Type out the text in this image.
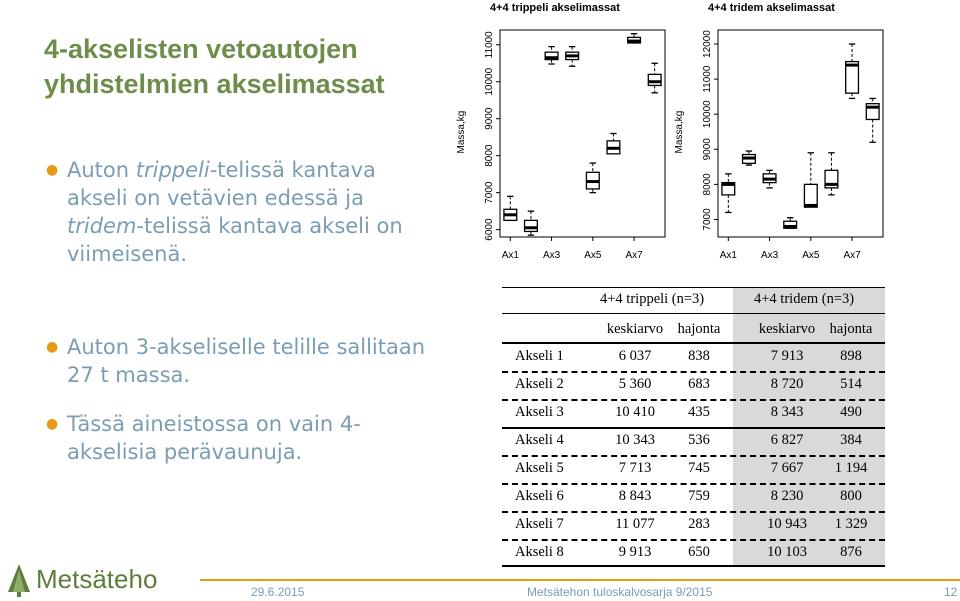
4-akselisten vetoautojen
yhdistelmien akselimassat
● Auton trippeli-telissä kantava akseli on vetävien edessä ja tridem-telissä kantava akseli on viimeisenä.
● Auton 3-akseliselle telille sallitaan 27 t massa.
● Tässä aineistossa on vain 4-akselisia perävaunuja.
4+4 trippeli akselimassat
Massa,kg
6000
7000
8000
9000
10000
11000
Ax1 Ax3 Ax5 Ax7
4+4 tridem akselimassat
Massa,kg
7000
8000
9000
10000
11000
12000
Ax1 Ax3 Ax5 Ax7
4+4 trippeli (n=3)	4+4 tridem (n=3)
keskiarvo hajonta	keskiarvo hajonta
Akseli 1	6 037	838	7 913	898
Akseli 2	5 360	683	8 720	514
Akseli 3	10 410	435	8 343	490
Akseli 4	10 343	536	6 827	384
Akseli 5	7 713	745	7 667	1 194
Akseli 6	8 843	759	8 230	800
Akseli 7	11 077	283	10 943	1 329
Akseli 8	9 913	650	10 103	876
Metsäteho	29.6.2015	Metsätehon tuloskalvosarja 9/2015	12
